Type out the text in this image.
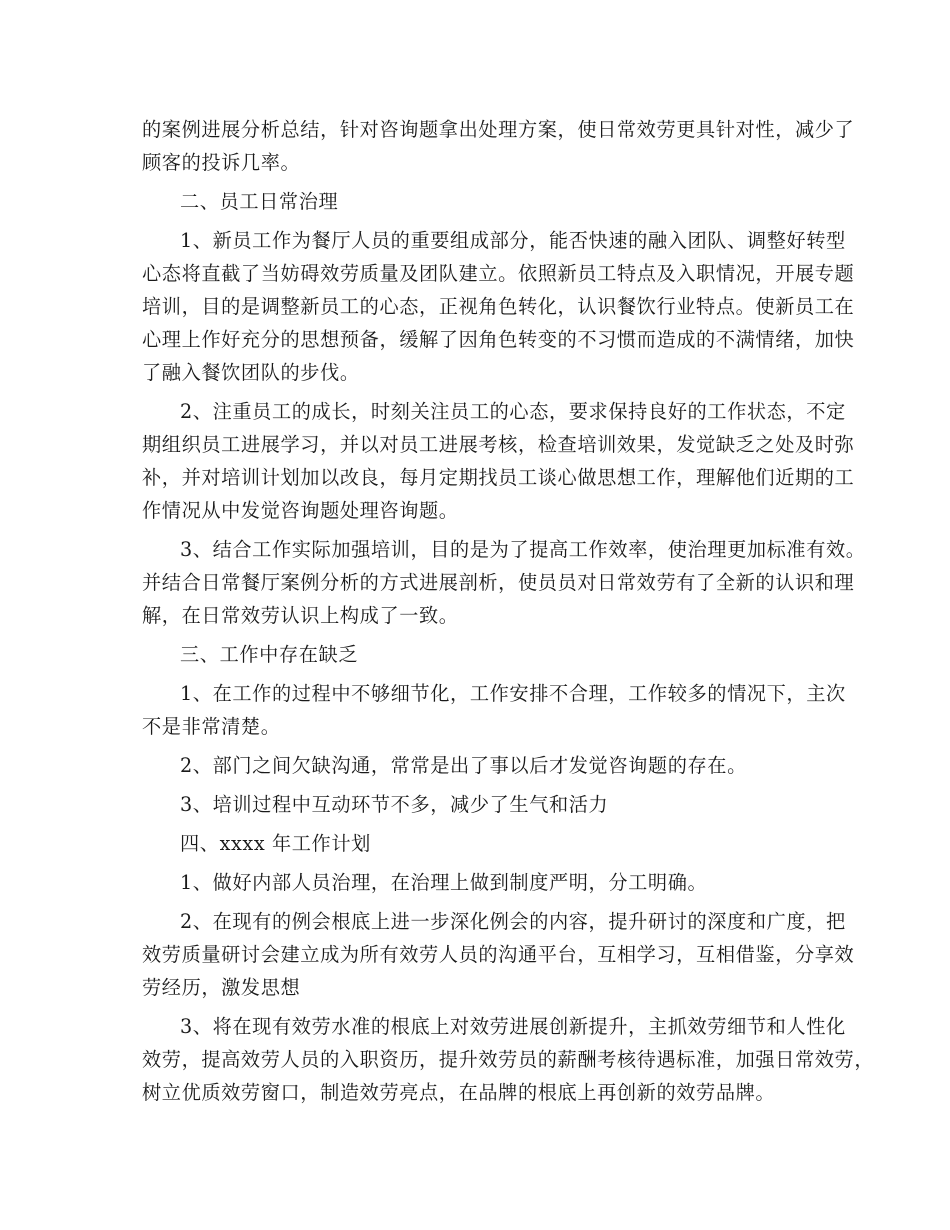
的案例进展分析总结，针对咨询题拿出处理方案，使日常效劳更具针对性，减少了
顾客的投诉几率。
二、员工日常治理
1、新员工作为餐厅人员的重要组成部分，能否快速的融入团队、调整好转型
心态将直截了当妨碍效劳质量及团队建立。依照新员工特点及入职情况，开展专题
培训，目的是调整新员工的心态，正视角色转化，认识餐饮行业特点。使新员工在
心理上作好充分的思想预备，缓解了因角色转变的不习惯而造成的不满情绪，加快
了融入餐饮团队的步伐。
2、注重员工的成长，时刻关注员工的心态，要求保持良好的工作状态，不定
期组织员工进展学习，并以对员工进展考核，检查培训效果，发觉缺乏之处及时弥
补，并对培训计划加以改良，每月定期找员工谈心做思想工作，理解他们近期的工
作情况从中发觉咨询题处理咨询题。
3、结合工作实际加强培训，目的是为了提高工作效率，使治理更加标准有效。
并结合日常餐厅案例分析的方式进展剖析，使员员对日常效劳有了全新的认识和理
解，在日常效劳认识上构成了一致。
三、工作中存在缺乏
1、在工作的过程中不够细节化，工作安排不合理，工作较多的情况下，主次
不是非常清楚。
2、部门之间欠缺沟通，常常是出了事以后才发觉咨询题的存在。
3、培训过程中互动环节不多，减少了生气和活力
四、xxxx 年工作计划
1、做好内部人员治理，在治理上做到制度严明，分工明确。
2、在现有的例会根底上进一步深化例会的内容，提升研讨的深度和广度，把
效劳质量研讨会建立成为所有效劳人员的沟通平台，互相学习，互相借鉴，分享效
劳经历，激发思想
3、将在现有效劳水准的根底上对效劳进展创新提升，主抓效劳细节和人性化
效劳，提高效劳人员的入职资历，提升效劳员的薪酬考核待遇标准，加强日常效劳，
树立优质效劳窗口，制造效劳亮点，在品牌的根底上再创新的效劳品牌。
